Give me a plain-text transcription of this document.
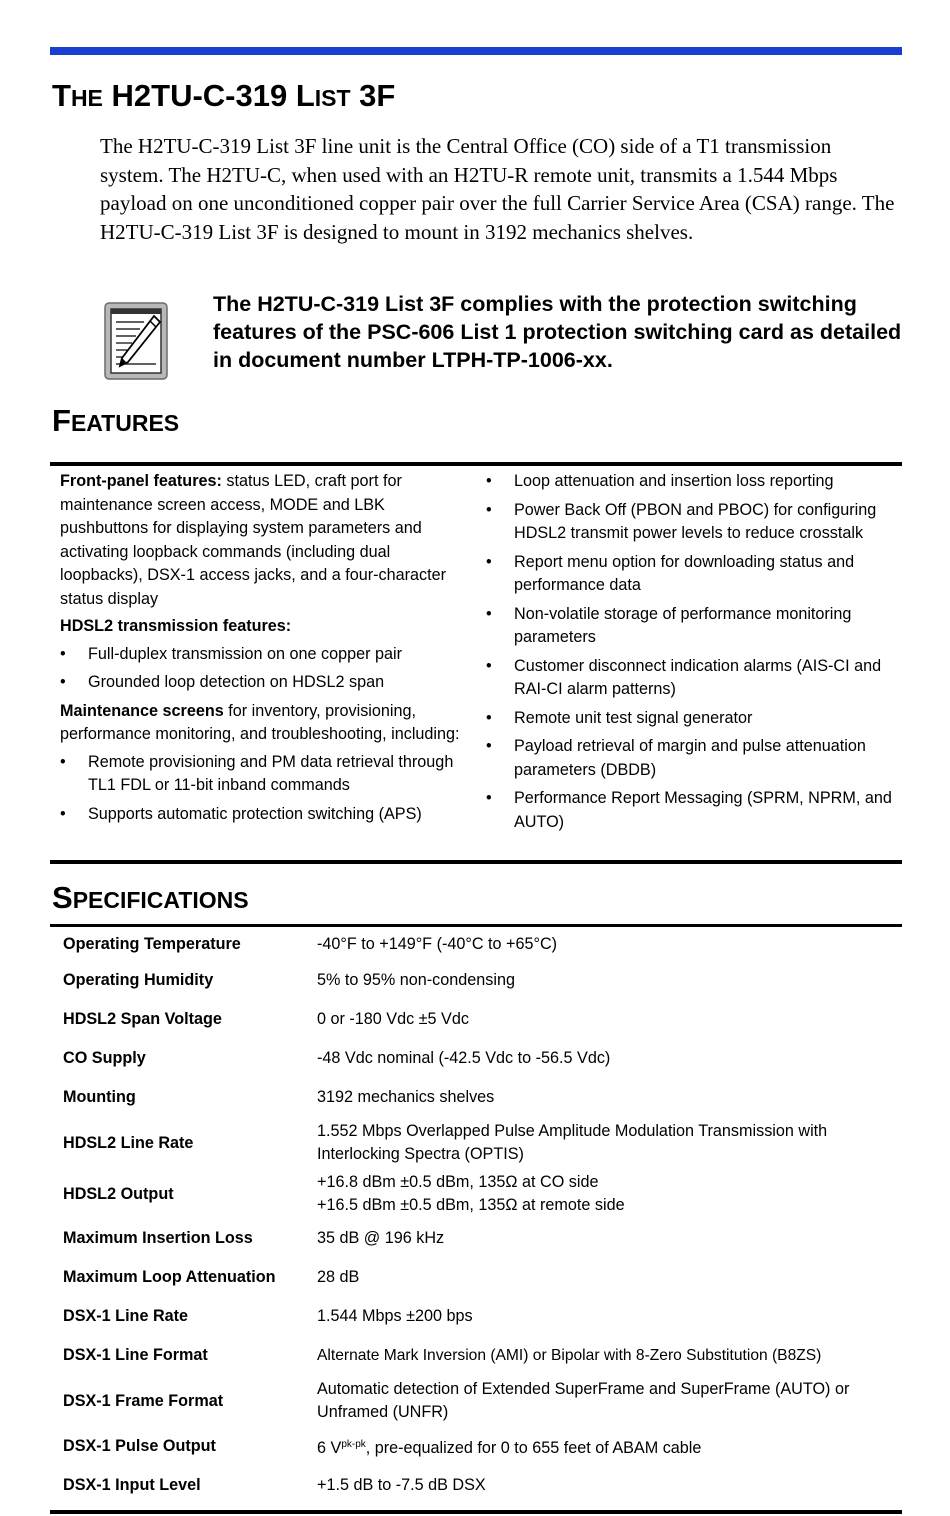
THE H2TU-C-319 LIST 3F
The H2TU-C-319 List 3F line unit is the Central Office (CO) side of a T1 transmission system. The H2TU-C, when used with an H2TU-R remote unit, transmits a 1.544 Mbps payload on one unconditioned copper pair over the full Carrier Service Area (CSA) range. The H2TU-C-319 List 3F is designed to mount in 3192 mechanics shelves.
The H2TU-C-319 List 3F complies with the protection switching features of the PSC-606 List 1 protection switching card as detailed in document number LTPH-TP-1006-xx.
FEATURES

Front-panel features: status LED, craft port for maintenance screen access, MODE and LBK pushbuttons for displaying system parameters and activating loopback commands (including dual loopbacks), DSX-1 access jacks, and a four-character status display

HDSL2 transmission features:

• Full-duplex transmission on one copper pair
• Grounded loop detection on HDSL2 span

Maintenance screens for inventory, provisioning, performance monitoring, and troubleshooting, including:

• Remote provisioning and PM data retrieval through TL1 FDL or 11-bit inband commands
• Supports automatic protection switching (APS)
• Loop attenuation and insertion loss reporting
• Power Back Off (PBON and PBOC) for configuring HDSL2 transmit power levels to reduce crosstalk
• Report menu option for downloading status and performance data
• Non-volatile storage of performance monitoring parameters
• Customer disconnect indication alarms (AIS-CI and RAI-CI alarm patterns)
• Remote unit test signal generator
• Payload retrieval of margin and pulse attenuation parameters (DBDB)
• Performance Report Messaging (SPRM, NPRM, and AUTO)
SPECIFICATIONS
Operating Temperature	-40°F to +149°F (-40°C to +65°C)
Operating Humidity	5% to 95% non-condensing
HDSL2 Span Voltage	0 or -180 Vdc ±5 Vdc
CO Supply	-48 Vdc nominal (-42.5 Vdc to -56.5 Vdc)
Mounting	3192 mechanics shelves
HDSL2 Line Rate	1.552 Mbps Overlapped Pulse Amplitude Modulation Transmission with Interlocking Spectra (OPTIS)
HDSL2 Output	+16.8 dBm ±0.5 dBm, 135Ω at CO side
+16.5 dBm ±0.5 dBm, 135Ω at remote side

Maximum Insertion Loss	35 dB @ 196 kHz
Maximum Loop Attenuation	28 dB
DSX-1 Line Rate	1.544 Mbps ±200 bps
DSX-1 Line Format	Alternate Mark Inversion (AMI) or Bipolar with 8-Zero Substitution (B8ZS)
DSX-1 Frame Format	Automatic detection of Extended SuperFrame and SuperFrame (AUTO) or Unframed (UNFR)
DSX-1 Pulse Output	6 $V^{pk-pk}$, pre-equalized for 0 to 655 feet of ABAM cable
DSX-1 Input Level	+1.5 dB to -7.5 dB DSX
